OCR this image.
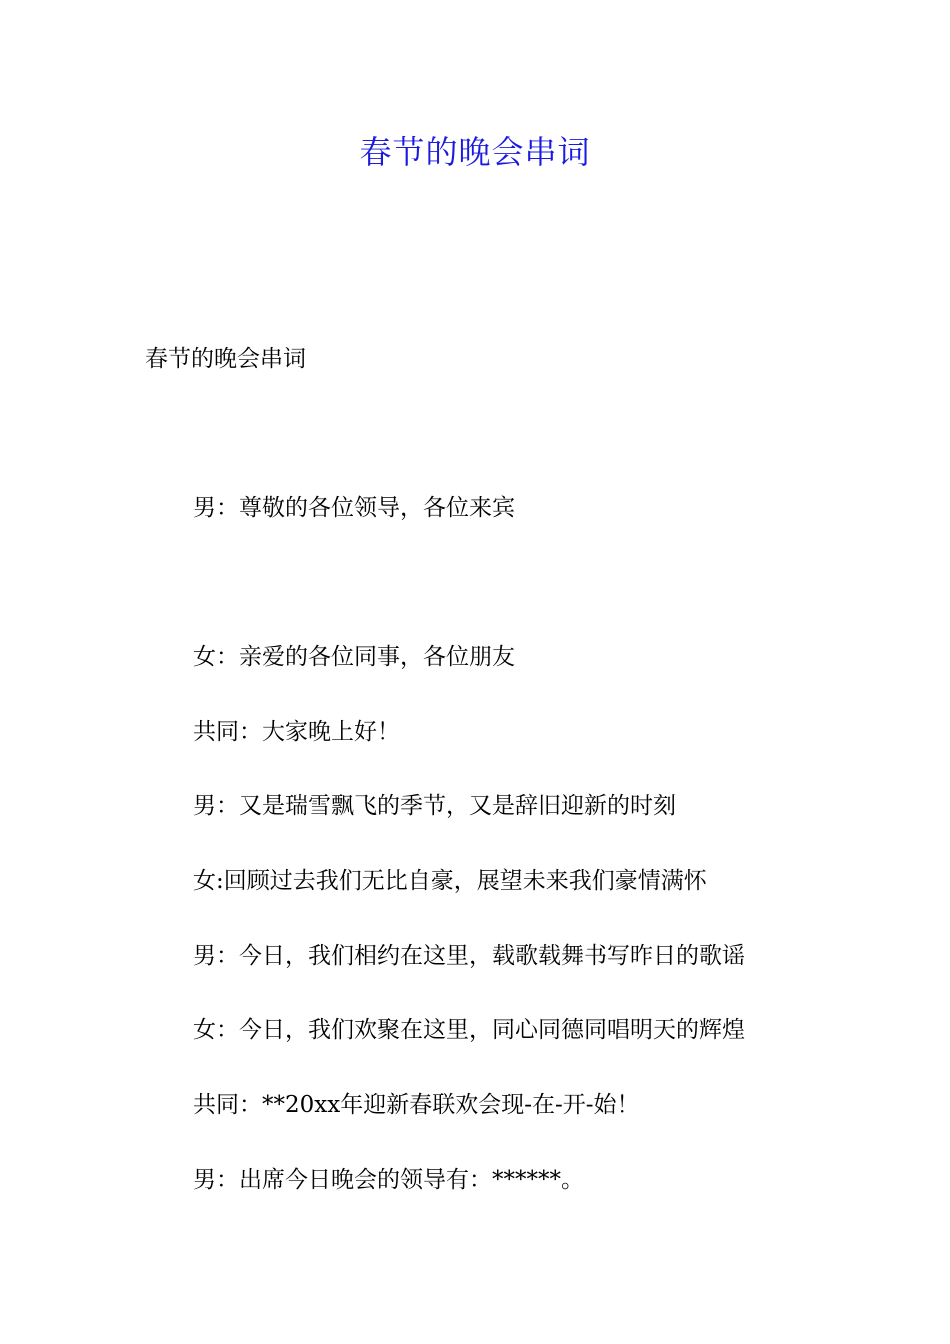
春节的晚会串词
春节的晚会串词
男：尊敬的各位领导，各位来宾
女：亲爱的各位同事，各位朋友
共同：大家晚上好！
男：又是瑞雪飘飞的季节，又是辞旧迎新的时刻
女:回顾过去我们无比自豪，展望未来我们豪情满怀
男：今日，我们相约在这里，载歌载舞书写昨日的歌谣
女：今日，我们欢聚在这里，同心同德同唱明天的辉煌
共同：**20xx年迎新春联欢会现-在-开-始！
男：出席今日晚会的领导有：******。
